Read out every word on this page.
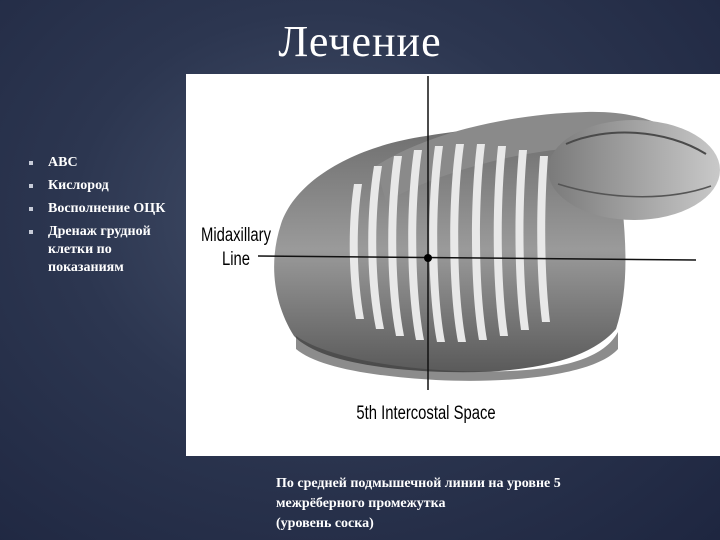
Лечение
ABC
Кислород
Восполнение ОЦК
Дренаж грудной клетки по показаниям
Midaxillary Line
5th Intercostal Space
По средней подмышечной линии на уровне 5 межрёберного промежутка
(уровень соска)
